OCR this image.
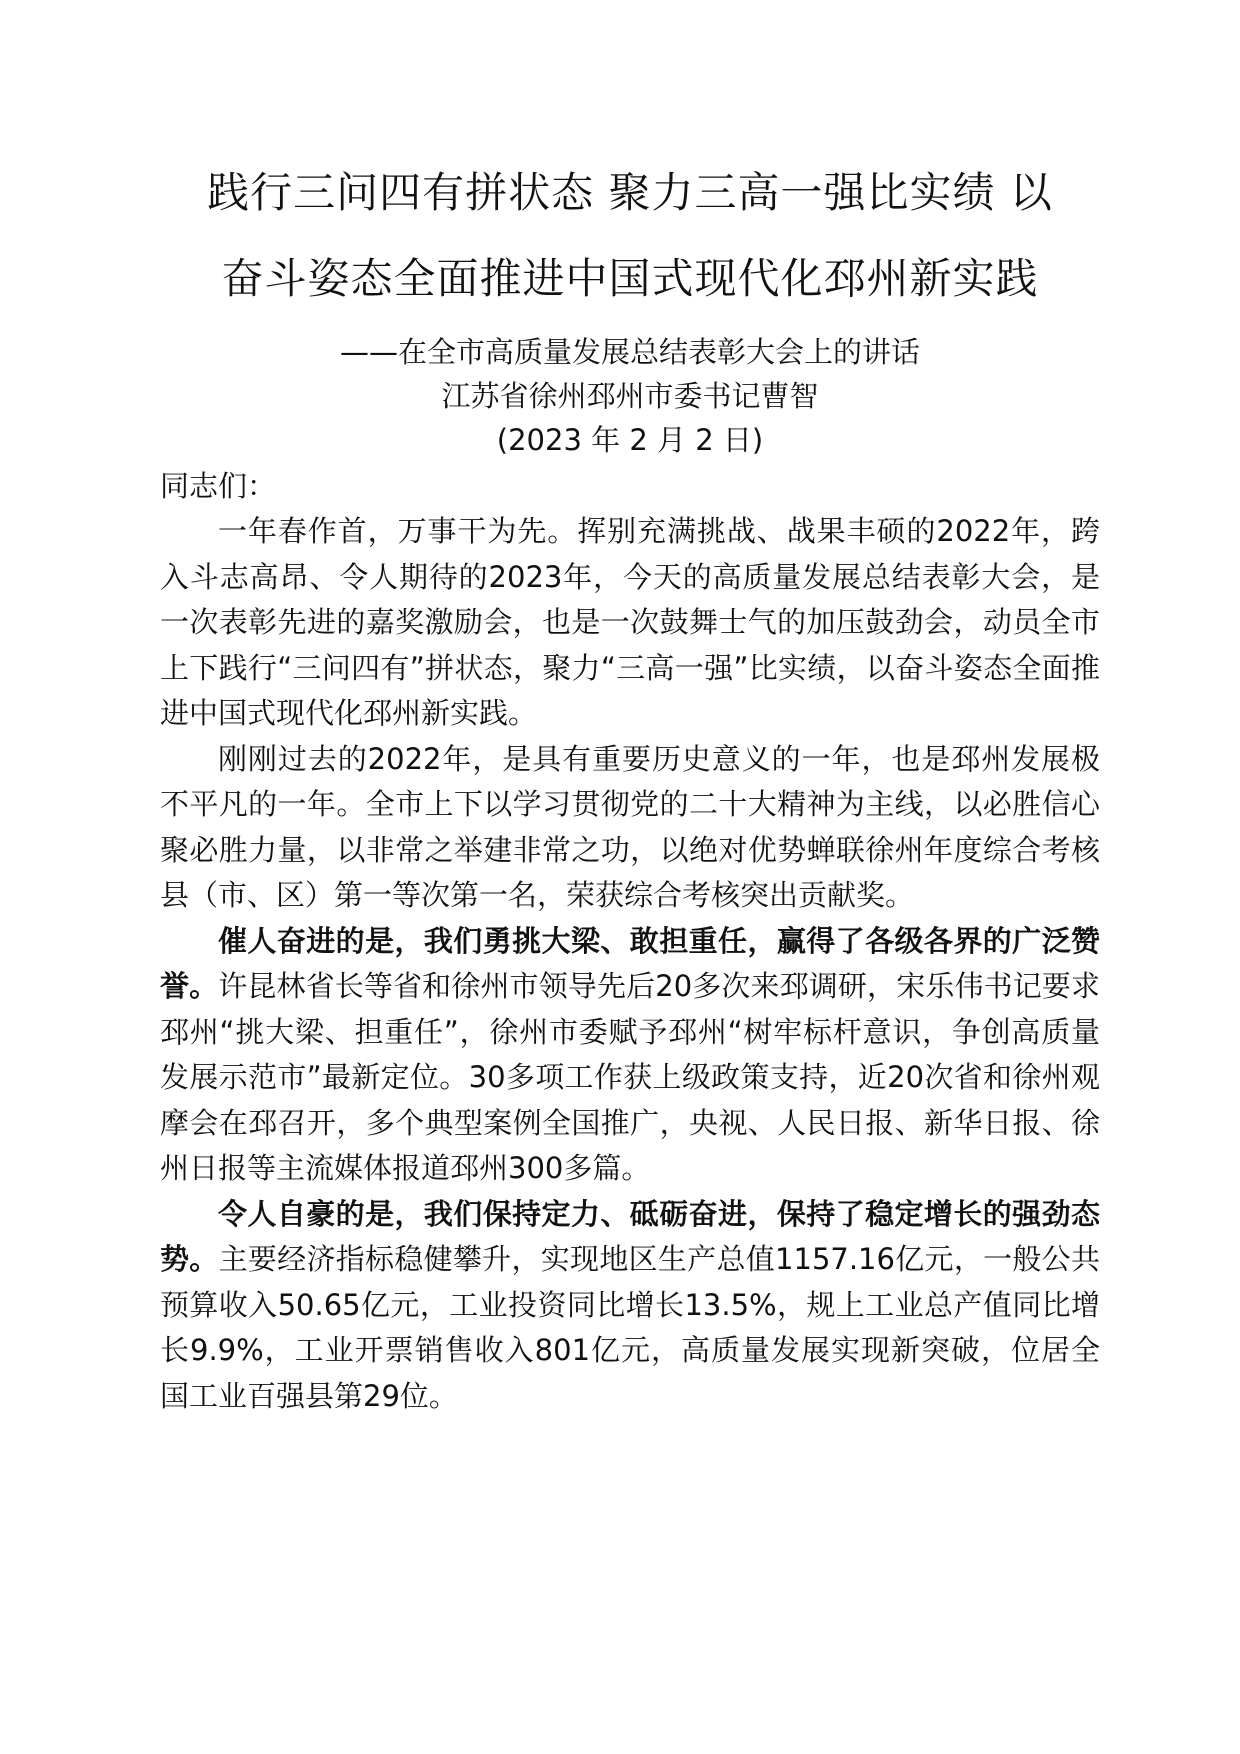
践行三问四有拼状态 聚力三高一强比实绩 以
奋斗姿态全面推进中国式现代化邳州新实践
——在全市高质量发展总结表彰大会上的讲话
江苏省徐州邳州市委书记曹智
(2023 年 2 月 2 日)
同志们：

一年春作首，万事干为先。挥别充满挑战、战果丰硕的2022年，跨入斗志高昂、令人期待的2023年，今天的高质量发展总结表彰大会，是一次表彰先进的嘉奖激励会，也是一次鼓舞士气的加压鼓劲会，动员全市上下践行“三问四有”拼状态，聚力“三高一强”比实绩，以奋斗姿态全面推进中国式现代化邳州新实践。

刚刚过去的2022年，是具有重要历史意义的一年，也是邳州发展极不平凡的一年。全市上下以学习贯彻党的二十大精神为主线，以必胜信心聚必胜力量，以非常之举建非常之功，以绝对优势蝉联徐州年度综合考核县（市、区）第一等次第一名，荣获综合考核突出贡献奖。

催人奋进的是，我们勇挑大梁、敢担重任，赢得了各级各界的广泛赞誉。许昆林省长等省和徐州市领导先后20多次来邳调研，宋乐伟书记要求邳州“挑大梁、担重任”，徐州市委赋予邳州“树牢标杆意识，争创高质量发展示范市”最新定位。30多项工作获上级政策支持，近20次省和徐州观摩会在邳召开，多个典型案例全国推广，央视、人民日报、新华日报、徐州日报等主流媒体报道邳州300多篇。

令人自豪的是，我们保持定力、砥砺奋进，保持了稳定增长的强劲态势。主要经济指标稳健攀升，实现地区生产总值1157.16亿元，一般公共预算收入50.65亿元，工业投资同比增长13.5%，规上工业总产值同比增长9.9%，工业开票销售收入801亿元，高质量发展实现新突破，位居全国工业百强县第29位。
